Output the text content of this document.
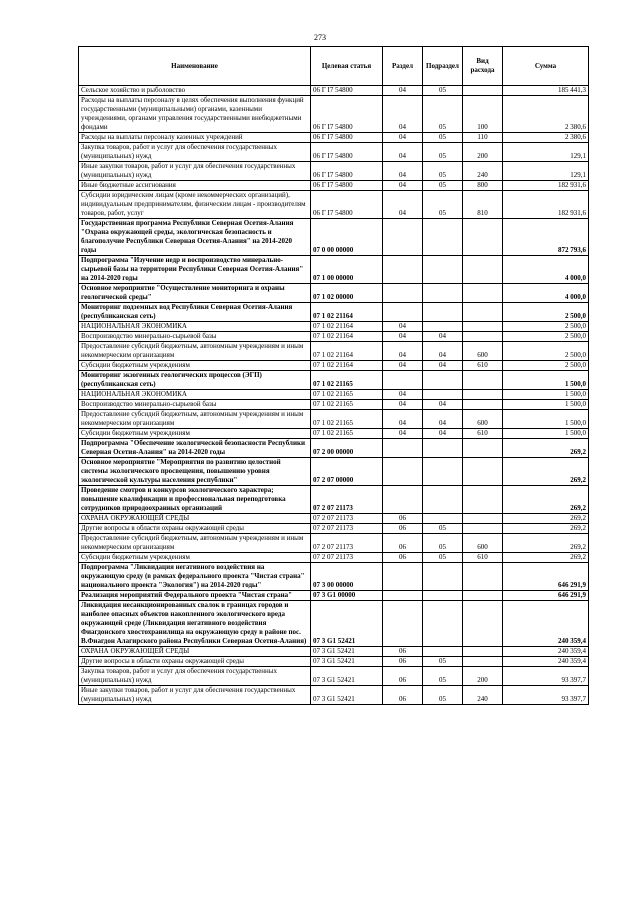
273
Наименование	Целевая статья	Раздел	Подраздел	Вид расхода	Сумма
Сельское хозяйство и рыболовство	06 Г I7 54800	04	05		185 441,3
Расходы на выплаты персоналу в целях обеспечения выполнения функций государственными (муниципальными) органами, казенными учреждениями, органами управления государственными внебюджетными фондами	06 Г I7 54800	04	05	100	2 380,6
Расходы на выплаты персоналу казенных учреждений	06 Г I7 54800	04	05	110	2 380,6
Закупка товаров, работ и услуг для обеспечения государственных (муниципальных) нужд	06 Г I7 54800	04	05	200	129,1
Иные закупки товаров, работ и услуг для обеспечения государственных (муниципальных) нужд	06 Г I7 54800	04	05	240	129,1
Иные бюджетные ассигнования	06 Г I7 54800	04	05	800	182 931,6
Субсидии юридическим лицам (кроме некоммерческих организаций), индивидуальным предпринимателям, физическим лицам - производителям товаров, работ, услуг	06 Г I7 54800	04	05	810	182 931,6
Государственная программа Республики Северная Осетия-Алания "Охрана окружающей среды, экологическая безопасность и благополучие Республики Северная Осетия-Алания" на 2014-2020 годы	07 0 00 00000				872 793,6
Подпрограмма "Изучение недр и воспроизводство минерально-сырьевой базы на территории Республики Северная Осетия-Алания" на 2014-2020 годы	07 1 00 00000				4 000,0
Основное мероприятие "Осуществление мониторинга и охраны геологической среды"	07 1 02 00000				4 000,0
Мониторинг подземных вод Республики Северная Осетия-Алания (республиканская сеть)	07 1 02 21164				2 500,0
НАЦИОНАЛЬНАЯ ЭКОНОМИКА	07 1 02 21164	04			2 500,0
Воспроизводство минерально-сырьевой базы	07 1 02 21164	04	04		2 500,0
Предоставление субсидий бюджетным, автономным учреждениям и иным некоммерческим организациям	07 1 02 21164	04	04	600	2 500,0
Субсидии бюджетным учреждениям	07 1 02 21164	04	04	610	2 500,0
Мониторинг экзогенных геологических процессов (ЭГП) (республиканская сеть)	07 1 02 21165				1 500,0
НАЦИОНАЛЬНАЯ ЭКОНОМИКА	07 1 02 21165	04			1 500,0
Воспроизводство минерально-сырьевой базы	07 1 02 21165	04	04		1 500,0
Предоставление субсидий бюджетным, автономным учреждениям и иным некоммерческим организациям	07 1 02 21165	04	04	600	1 500,0
Субсидии бюджетным учреждениям	07 1 02 21165	04	04	610	1 500,0
Подпрограмма "Обеспечение экологической безопасности Республики Северная Осетия-Алания" на 2014-2020 годы	07 2 00 00000				269,2
Основное мероприятие "Мероприятия по развитию целостной системы экологического просвещения, повышению уровня экологической культуры населения республики"	07 2 07 00000				269,2
Проведение смотров и конкурсов экологического характера; повышение квалификации и профессиональная переподготовка сотрудников природоохранных организаций	07 2 07 21173				269,2
ОХРАНА ОКРУЖАЮЩЕЙ СРЕДЫ	07 2 07 21173	06			269,2
Другие вопросы в области охраны окружающей среды	07 2 07 21173	06	05		269,2
Предоставление субсидий бюджетным, автономным учреждениям и иным некоммерческим организациям	07 2 07 21173	06	05	600	269,2
Субсидии бюджетным учреждениям	07 2 07 21173	06	05	610	269,2
Подпрограмма "Ликвидация негативного воздействия на окружающую среду (в рамках федерального проекта "Чистая страна" национального проекта "Экология") на 2014-2020 годы"	07 3 00 00000				646 291,9
Реализация мероприятий Федерального проекта "Чистая страна"	07 3 G1 00000				646 291,9
Ликвидация несанкционированных свалок в границах городов и наиболее опасных объектов накопленного экологического вреда окружающей среде (Ликвидация негативного воздействия Фиагдонского хвостохранилища на окружающую среду в районе пос. В.Фиагдон Алагирского района Республики Северная Осетия-Алания)	07 3 G1 52421				240 359,4
ОХРАНА ОКРУЖАЮЩЕЙ СРЕДЫ	07 3 G1 52421	06			240 359,4
Другие вопросы в области охраны окружающей среды	07 3 G1 52421	06	05		240 359,4
Закупка товаров, работ и услуг для обеспечения государственных (муниципальных) нужд	07 3 G1 52421	06	05	200	93 397,7
Иные закупки товаров, работ и услуг для обеспечения государственных (муниципальных) нужд	07 3 G1 52421	06	05	240	93 397,7
